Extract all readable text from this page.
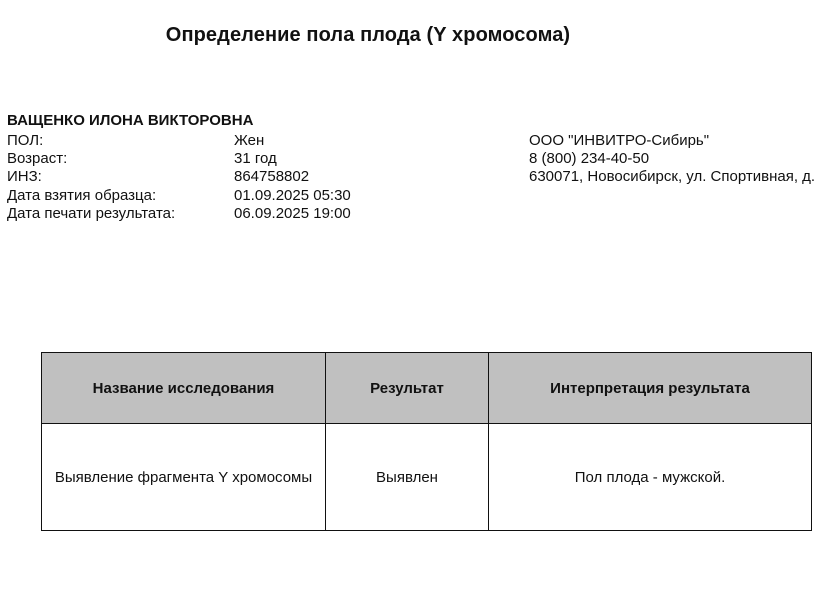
Определение пола плода (Y хромосома)
ВАЩЕНКО ИЛОНА ВИКТОРОВНА
ПОЛ:	Жен
Возраст:	31 год
ИНЗ:	864758802
Дата взятия образца:	01.09.2025 05:30
Дата печати результата:	06.09.2025 19:00
ООО "ИНВИТРО-Сибирь"
8 (800) 234-40-50
630071, Новосибирск, ул. Спортивная, д.
Название исследования	Результат	Интерпретация результата
Выявление фрагмента Y хромосомы	Выявлен	Пол плода - мужской.
